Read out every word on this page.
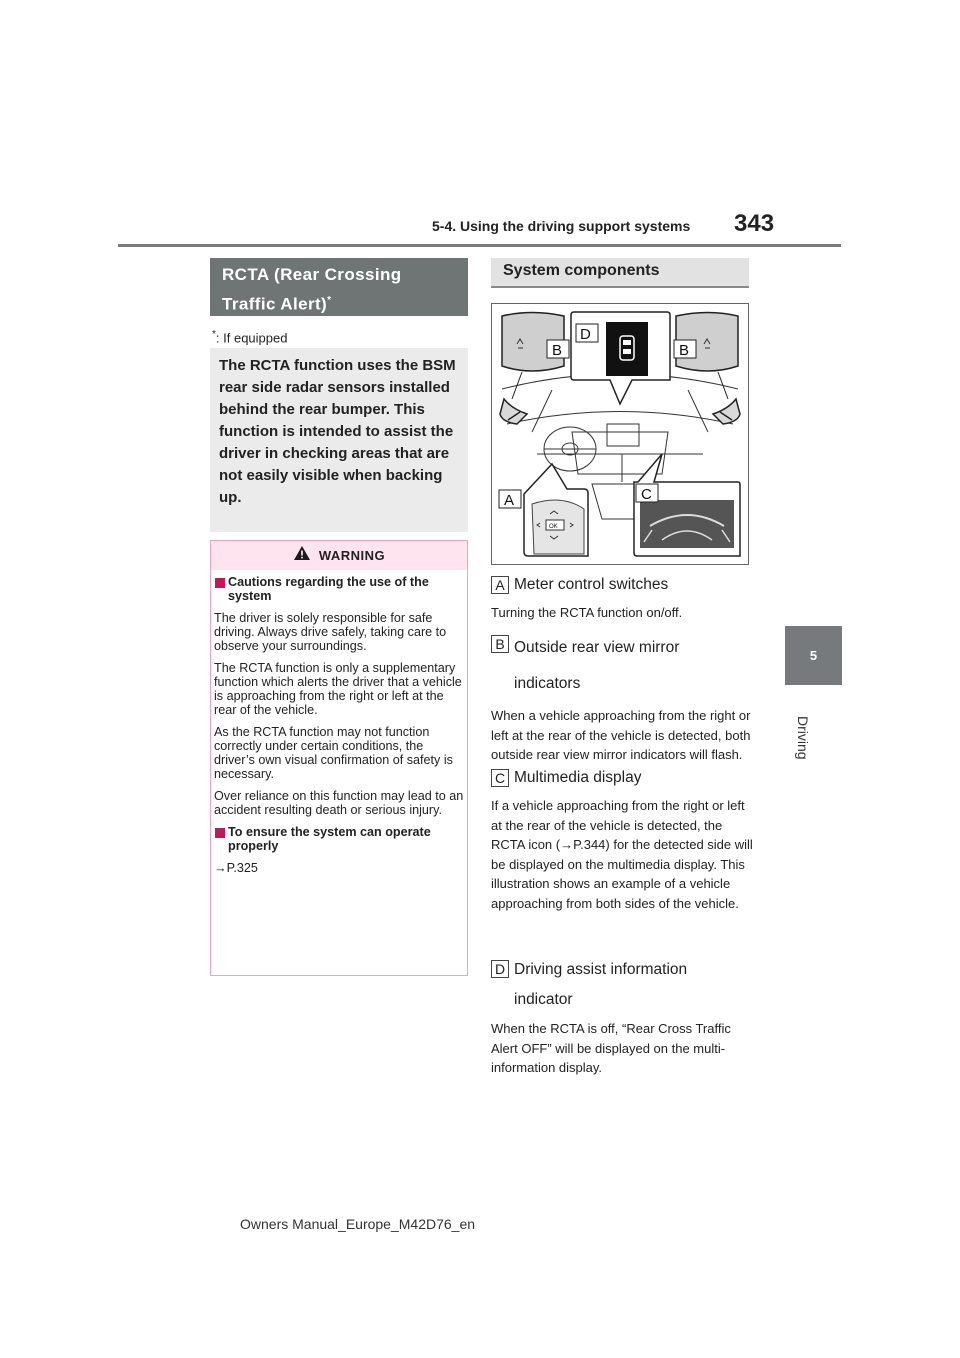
5-4. Using the driving support systems 343
5
Driving
RCTA (Rear Crossing
Traffic Alert)*
*: If equipped
The RCTA function uses the BSM rear side radar sensors installed behind the rear bumper. This function is intended to assist the driver in checking areas that are not easily visible when backing up.
WARNING
Cautions regarding the use of the system

The driver is solely responsible for safe driving. Always drive safely, taking care to observe your surroundings.

The RCTA function is only a supplementary function which alerts the driver that a vehicle is approaching from the right or left at the rear of the vehicle.

As the RCTA function may not function correctly under certain conditions, the driver’s own visual confirmation of safety is necessary.

Over reliance on this function may lead to an accident resulting death or serious injury.

To ensure the system can operate properly

→P.325

System components
D
B	B
A	C
OK
A Meter control switches
Turning the RCTA function on/off.
B Outside rear view mirror indicators
When a vehicle approaching from the right or left at the rear of the vehicle is detected, both outside rear view mirror indicators will flash.
C Multimedia display
If a vehicle approaching from the right or left at the rear of the vehicle is detected, the RCTA icon (→P.344) for the detected side will be displayed on the multimedia display. This illustration shows an example of a vehicle approaching from both sides of the vehicle.
D Driving assist information indicator
When the RCTA is off, “Rear Cross Traffic Alert OFF” will be displayed on the multi-information display.
Owners Manual_Europe_M42D76_en
